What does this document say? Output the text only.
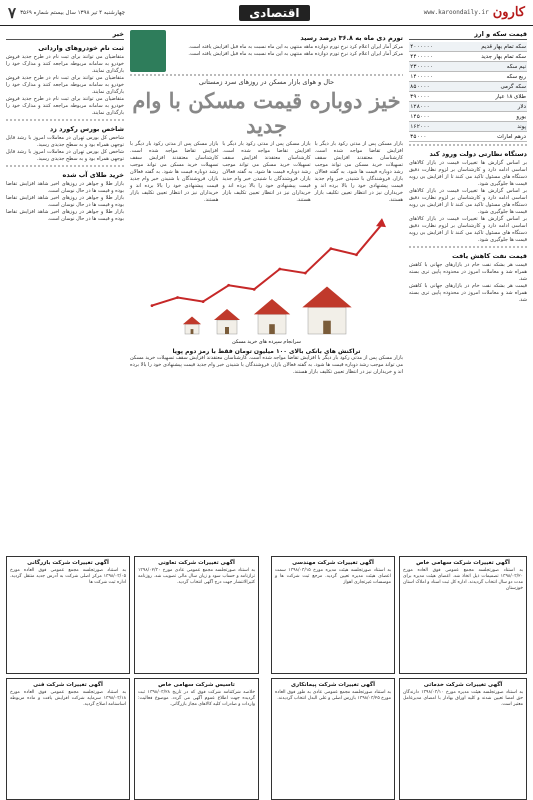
کارون
www.karoondaily.ir
اقتصادی
چهارشنبه ۴ تیر ۱۳۹۸ سال بیستم شماره ۳۵۶۹
۷
قیمت سکه و ارز
سکه تمام بهار قدیم	۴۰۰۰۰۰۰
سکه تمام بهار جدید	۴۴۰۰۰۰۰
نیم سکه	۲۳۰۰۰۰۰
ربع سکه	۱۴۰۰۰۰۰
سکه گرمی	۸۵۰۰۰۰
طلای ۱۸ عیار	۳۹۰۰۰۰
دلار	۱۲۸۰۰۰
یورو	۱۴۵۰۰۰
پوند	۱۶۲۰۰۰
درهم امارات	۳۵۰۰۰
دستگاه نظارتی دولت ورود کند
بر اساس گزارش ها تغییرات قیمت در بازار کالاهای اساسی ادامه دارد و کارشناسان بر لزوم نظارت دقیق دستگاه های مسئول تاکید می کنند تا از افزایش بی رویه قیمت ها جلوگیری شود.
بر اساس گزارش ها تغییرات قیمت در بازار کالاهای اساسی ادامه دارد و کارشناسان بر لزوم نظارت دقیق دستگاه های مسئول تاکید می کنند تا از افزایش بی رویه قیمت ها جلوگیری شود.
بر اساس گزارش ها تغییرات قیمت در بازار کالاهای اساسی ادامه دارد و کارشناسان بر لزوم نظارت دقیق دستگاه های مسئول تاکید می کنند تا از افزایش بی رویه قیمت ها جلوگیری شود.
قیمت نفت کاهش یافت
قیمت هر بشکه نفت خام در بازارهای جهانی با کاهش همراه شد و معاملات امروز در محدوده پایین تری بسته شد.
قیمت هر بشکه نفت خام در بازارهای جهانی با کاهش همراه شد و معاملات امروز در محدوده پایین تری بسته شد.
تورم دی ماه به ۳۶.۸ درصد رسید
مرکز آمار ایران اعلام کرد نرخ تورم دوازده ماهه منتهی به این ماه نسبت به ماه قبل افزایش یافته است.
مرکز آمار ایران اعلام کرد نرخ تورم دوازده ماهه منتهی به این ماه نسبت به ماه قبل افزایش یافته است.
حال و هوای بازار مسکن در روزهای سرد زمستانی
خیز دوباره قیمت مسکن با وام جدید
بازار مسکن پس از مدتی رکود بار دیگر با افزایش تقاضا مواجه شده است. کارشناسان معتقدند افزایش سقف تسهیلات خرید مسکن می تواند موجب رشد دوباره قیمت ها شود. به گفته فعالان بازار، فروشندگان با شنیدن خبر وام جدید قیمت پیشنهادی خود را بالا برده اند و خریداران نیز در انتظار تعیین تکلیف بازار هستند.
بازار مسکن پس از مدتی رکود بار دیگر با افزایش تقاضا مواجه شده است. کارشناسان معتقدند افزایش سقف تسهیلات خرید مسکن می تواند موجب رشد دوباره قیمت ها شود. به گفته فعالان بازار، فروشندگان با شنیدن خبر وام جدید قیمت پیشنهادی خود را بالا برده اند و خریداران نیز در انتظار تعیین تکلیف بازار هستند.
بازار مسکن پس از مدتی رکود بار دیگر با افزایش تقاضا مواجه شده است. کارشناسان معتقدند افزایش سقف تسهیلات خرید مسکن می تواند موجب رشد دوباره قیمت ها شود. به گفته فعالان بازار، فروشندگان با شنیدن خبر وام جدید قیمت پیشنهادی خود را بالا برده اند و خریداران نیز در انتظار تعیین تکلیف بازار هستند.
سرانجام سپرده های خرید مسکن
تراکنش های بانکی بالای ۱۰۰ میلیون تومان فقط با رمز دوم پویا
بازار مسکن پس از مدتی رکود بار دیگر با افزایش تقاضا مواجه شده است. کارشناسان معتقدند افزایش سقف تسهیلات خرید مسکن می تواند موجب رشد دوباره قیمت ها شود. به گفته فعالان بازار، فروشندگان با شنیدن خبر وام جدید قیمت پیشنهادی خود را بالا برده اند و خریداران نیز در انتظار تعیین تکلیف بازار هستند.
خبر
ثبت نام خودروهای وارداتی
متقاضیان می توانند برای ثبت نام در طرح جدید فروش خودرو به سامانه مربوطه مراجعه کنند و مدارک خود را بارگذاری نمایند.
متقاضیان می توانند برای ثبت نام در طرح جدید فروش خودرو به سامانه مربوطه مراجعه کنند و مدارک خود را بارگذاری نمایند.
متقاضیان می توانند برای ثبت نام در طرح جدید فروش خودرو به سامانه مربوطه مراجعه کنند و مدارک خود را بارگذاری نمایند.
شاخص بورس رکورد زد
شاخص کل بورس تهران در معاملات امروز با رشد قابل توجهی همراه بود و به سطح جدیدی رسید.
شاخص کل بورس تهران در معاملات امروز با رشد قابل توجهی همراه بود و به سطح جدیدی رسید.
خرید طلای آب شده
بازار طلا و جواهر در روزهای اخیر شاهد افزایش تقاضا بوده و قیمت ها در حال نوسان است.
بازار طلا و جواهر در روزهای اخیر شاهد افزایش تقاضا بوده و قیمت ها در حال نوسان است.
بازار طلا و جواهر در روزهای اخیر شاهد افزایش تقاضا بوده و قیمت ها در حال نوسان است.
آگهی تغییرات شرکت سهامی خاص
به استناد صورتجلسه مجمع عمومی فوق العاده مورخ ۱۳۹۸/۰۳/۲۰ تصمیمات ذیل اتخاذ شد. اعضای هیئت مدیره برای مدت دو سال انتخاب گردیدند. اداره کل ثبت اسناد و املاک استان خوزستان
آگهی تغییرات شرکت مهندسی
به استناد صورتجلسه هیئت مدیره مورخ ۱۳۹۸/۰۳/۱۵ سمت اعضای هیئت مدیره تعیین گردید. مرجع ثبت شرکت ها و موسسات غیرتجاری اهواز
آگهی تغییرات شرکت تعاونی
به استناد صورتجلسه مجمع عمومی عادی مورخ ۱۳۹۸/۰۲/۳۰ ترازنامه و حساب سود و زیان سال مالی تصویب شد. روزنامه کثیرالانتشار جهت درج آگهی انتخاب گردید.
آگهی تغییرات شرکت بازرگانی
به استناد صورتجلسه مجمع عمومی فوق العاده مورخ ۱۳۹۸/۰۳/۰۵ مرکز اصلی شرکت به آدرس جدید منتقل گردید. اداره ثبت شرکت ها
آگهی تغییرات شرکت خدماتی
به استناد صورتجلسه هیئت مدیره مورخ ۱۳۹۸/۰۳/۱۰ دارندگان حق امضا تعیین شدند و کلیه اوراق بهادار با امضای مدیرعامل معتبر است.
آگهی تغییرات شرکت پیمانکاری
به استناد صورتجلسه مجمع عمومی عادی به طور فوق العاده مورخ ۱۳۹۸/۰۳/۲۵ بازرس اصلی و علی البدل انتخاب گردیدند.
تاسیس شرکت سهامی خاص
خلاصه شرکتنامه شرکت فوق که در تاریخ ۱۳۹۸/۰۳/۲۸ ثبت گردیده جهت اطلاع عموم آگهی می گردد. موضوع فعالیت: واردات و صادرات کلیه کالاهای مجاز بازرگانی.
آگهی تغییرات شرکت فنی
به استناد صورتجلسه مجمع عمومی فوق العاده مورخ ۱۳۹۸/۰۳/۱۸ سرمایه شرکت افزایش یافت و ماده مربوطه اساسنامه اصلاح گردید.
